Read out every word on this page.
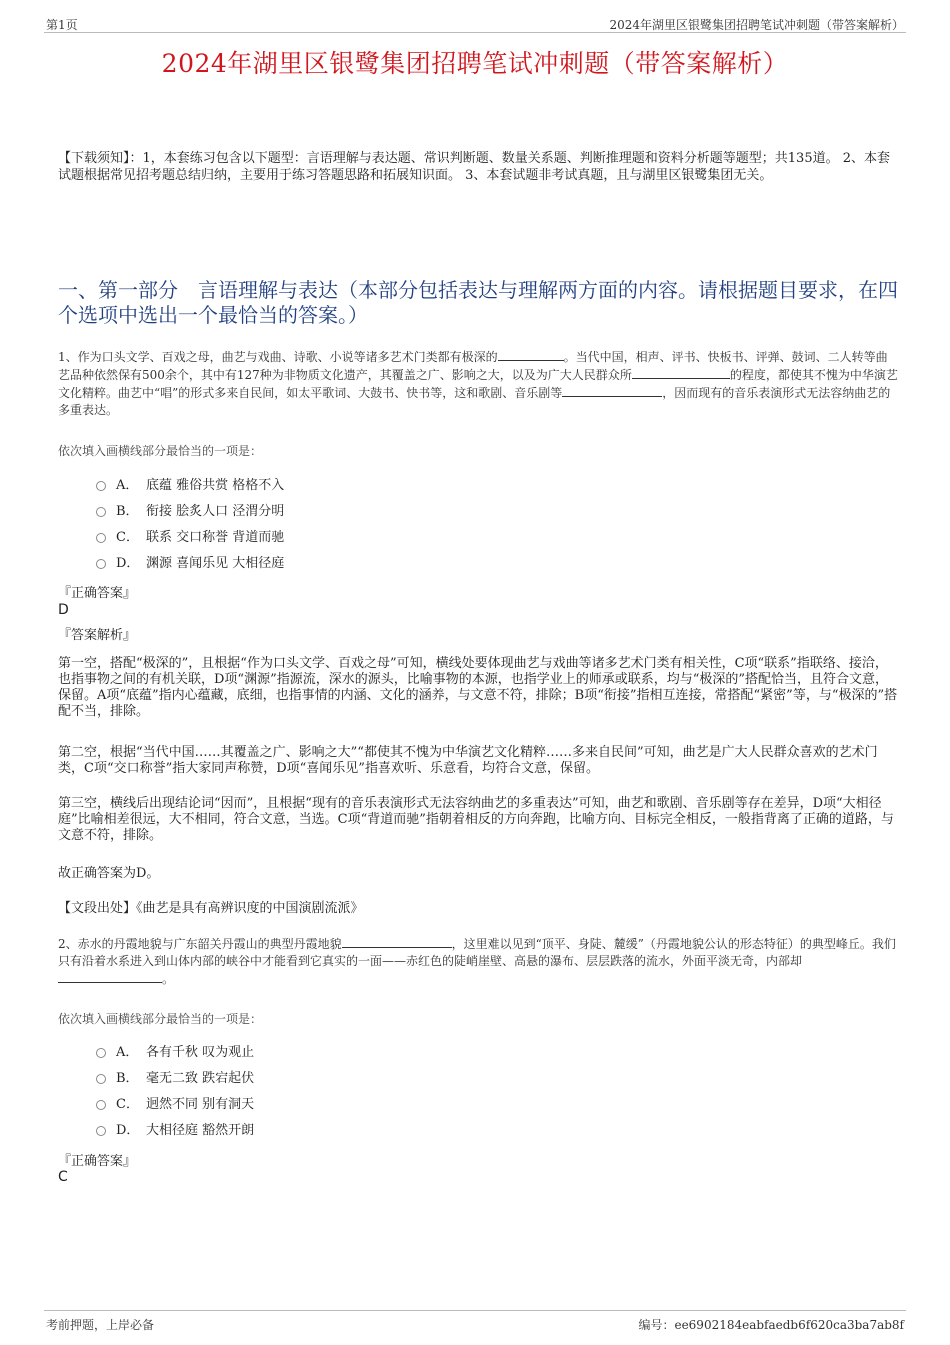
第1页	2024年湖里区银鹭集团招聘笔试冲刺题（带答案解析）
2024年湖里区银鹭集团招聘笔试冲刺题（带答案解析）
【下载须知】：1，本套练习包含以下题型：言语理解与表达题、常识判断题、数量关系题、判断推理题和资料分析题等题型；共135道。 2、本套试题根据常见招考题总结归纳，主要用于练习答题思路和拓展知识面。 3、本套试题非考试真题，且与湖里区银鹭集团无关。
一、第一部分　言语理解与表达（本部分包括表达与理解两方面的内容。请根据题目要求，在四个选项中选出一个最恰当的答案。）
1、作为口头文学、百戏之母，曲艺与戏曲、诗歌、小说等诸多艺术门类都有极深的	。当代中国，相声、评书、快板书、评弹、鼓词、二人转等曲艺品种依然保有500余个，其中有127种为非物质文化遗产，其覆盖之广、影响之大，以及为广大人民群众所	的程度，都使其不愧为中华演艺文化精粹。曲艺中“唱”的形式多来自民间，如太平歌词、大鼓书、快书等，这和歌剧、音乐剧等	，因而现有的音乐表演形式无法容纳曲艺的多重表达。
依次填入画横线部分最恰当的一项是：
A． 底蕴 雅俗共赏 格格不入
B． 衔接 脍炙人口 泾渭分明
C． 联系 交口称誉 背道而驰
D． 渊源 喜闻乐见 大相径庭
『正确答案』
D
『答案解析』
第一空，搭配“极深的”，且根据“作为口头文学、百戏之母”可知，横线处要体现曲艺与戏曲等诸多艺术门类有相关性，C项“联系”指联络、接洽，也指事物之间的有机关联，D项“渊源”指源流，深水的源头，比喻事物的本源，也指学业上的师承或联系，均与“极深的”搭配恰当，且符合文意，保留。A项“底蕴”指内心蕴藏，底细，也指事情的内涵、文化的涵养，与文意不符，排除；B项“衔接”指相互连接，常搭配“紧密”等，与“极深的”搭配不当，排除。
第二空，根据“当代中国……其覆盖之广、影响之大”“都使其不愧为中华演艺文化精粹……多来自民间”可知，曲艺是广大人民群众喜欢的艺术门类，C项“交口称誉”指大家同声称赞，D项“喜闻乐见”指喜欢听、乐意看，均符合文意，保留。
第三空，横线后出现结论词“因而”，且根据“现有的音乐表演形式无法容纳曲艺的多重表达”可知，曲艺和歌剧、音乐剧等存在差异，D项“大相径庭”比喻相差很远，大不相同，符合文意，当选。C项“背道而驰”指朝着相反的方向奔跑，比喻方向、目标完全相反，一般指背离了正确的道路，与文意不符，排除。
故正确答案为D。
【文段出处】《曲艺是具有高辨识度的中国演剧流派》
2、赤水的丹霞地貌与广东韶关丹霞山的典型丹霞地貌	，这里难以见到“顶平、身陡、麓缓”（丹霞地貌公认的形态特征）的典型峰丘。我们只有沿着水系进入到山体内部的峡谷中才能看到它真实的一面——赤红色的陡峭崖壁、高悬的瀑布、层层跌落的流水，外面平淡无奇，内部却。
依次填入画横线部分最恰当的一项是：
A． 各有千秋 叹为观止
B． 毫无二致 跌宕起伏
C． 迥然不同 别有洞天
D． 大相径庭 豁然开朗
『正确答案』
C
考前押题，上岸必备	编号：ee6902184eabfaedb6f620ca3ba7ab8f
